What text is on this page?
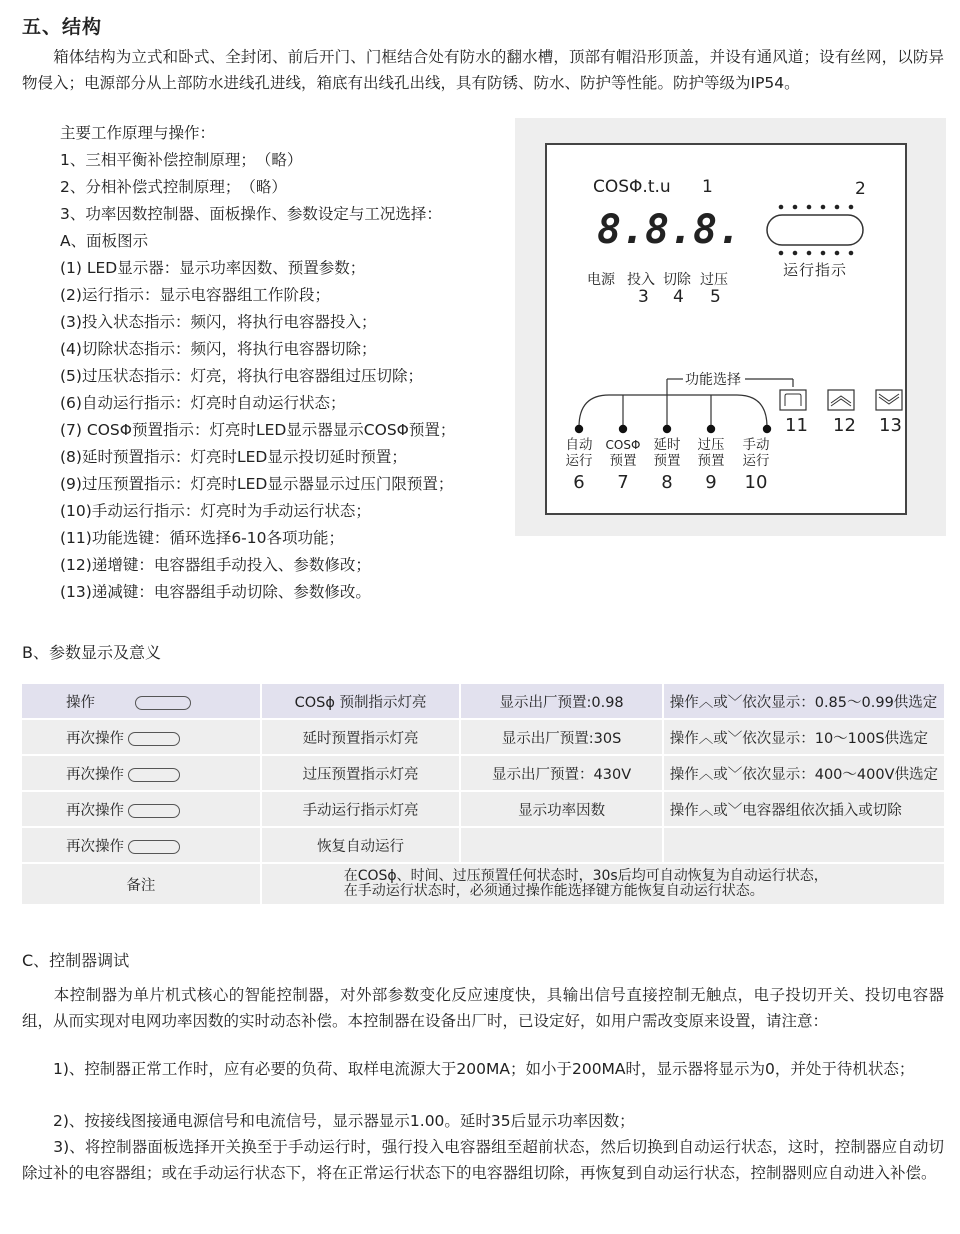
五、结构
　　箱体结构为立式和卧式、全封闭、前后开门、门框结合处有防水的翻水槽，顶部有帽沿形顶盖，并设有通风道；设有丝网，以防异物侵入；电源部分从上部防水进线孔进线，箱底有出线孔出线，具有防锈、防水、防护等性能。防护等级为IP54。
主要工作原理与操作：
1、三相平衡补偿控制原理；　（略）
2、分相补偿式控制原理；　（略）
3、功率因数控制器、面板操作、参数设定与工况选择：
A、面板图示
(1) LED显示器：显示功率因数、预置参数；
(2)运行指示：显示电容器组工作阶段；
(3)投入状态指示：频闪，将执行电容器投入；
(4)切除状态指示：频闪，将执行电容器切除；
(5)过压状态指示：灯亮，将执行电容器组过压切除；
(6)自动运行指示：灯亮时自动运行状态；
(7) COSΦ预置指示：灯亮时LED显示器显示COSΦ预置；
(8)延时预置指示：灯亮时LED显示投切延时预置；
(9)过压预置指示：灯亮时LED显示器显示过压门限预置；
(10)手动运行指示：灯亮时为手动运行状态；
(11)功能选键：循环选择6-10各项功能；
(12)递增键：电容器组手动投入、参数修改；
(13)递减键：电容器组手动切除、参数修改。
COSΦ.t.u 1	2
8. 8. 8.
运行指示
电源 投入 切除 过压
3 4 5
功能选择
11 12 13
自动
运行
6
COSΦ
预置
7
延时
预置
8
过压
预置
9
手动
运行
10
B、参数显示及意义
操作	COSϕ 预制指示灯亮	显示出厂预置:0.98	操作︿或﹀依次显示：0.85～0.99供选定
再次操作	延时预置指示灯亮	显示出厂预置:30S	操作︿或﹀依次显示：10～100S供选定
再次操作	过压预置指示灯亮	显示出厂预置：430V	操作︿或﹀依次显示：400～400V供选定
再次操作	手动运行指示灯亮	显示功率因数	操作︿或﹀电容器组依次插入或切除
再次操作	恢复自动运行		
备注	在COSϕ、时间、过压预置任何状态时，30s后均可自动恢复为自动运行状态，
在手动运行状态时，必须通过操作能选择键方能恢复自动运行状态。		
C、控制器调试
　　本控制器为单片机式核心的智能控制器，对外部参数变化反应速度快，具输出信号直接控制无触点，电子投切开关、投切电容器组，从而实现对电网功率因数的实时动态补偿。本控制器在设备出厂时，已设定好，如用户需改变原来设置，请注意：
　　1)、控制器正常工作时，应有必要的负荷、取样电流源大于200MA；如小于200MA时，显示器将显示为0，并处于待机状态；
　　2)、按接线图接通电源信号和电流信号，显示器显示1.00。延时35后显示功率因数；
　　3)、将控制器面板选择开关换至于手动运行时，强行投入电容器组至超前状态，然后切换到自动运行状态，这时，控制器应自动切除过补的电容器组；或在手动运行状态下，将在正常运行状态下的电容器组切除，再恢复到自动运行状态，控制器则应自动进入补偿。
